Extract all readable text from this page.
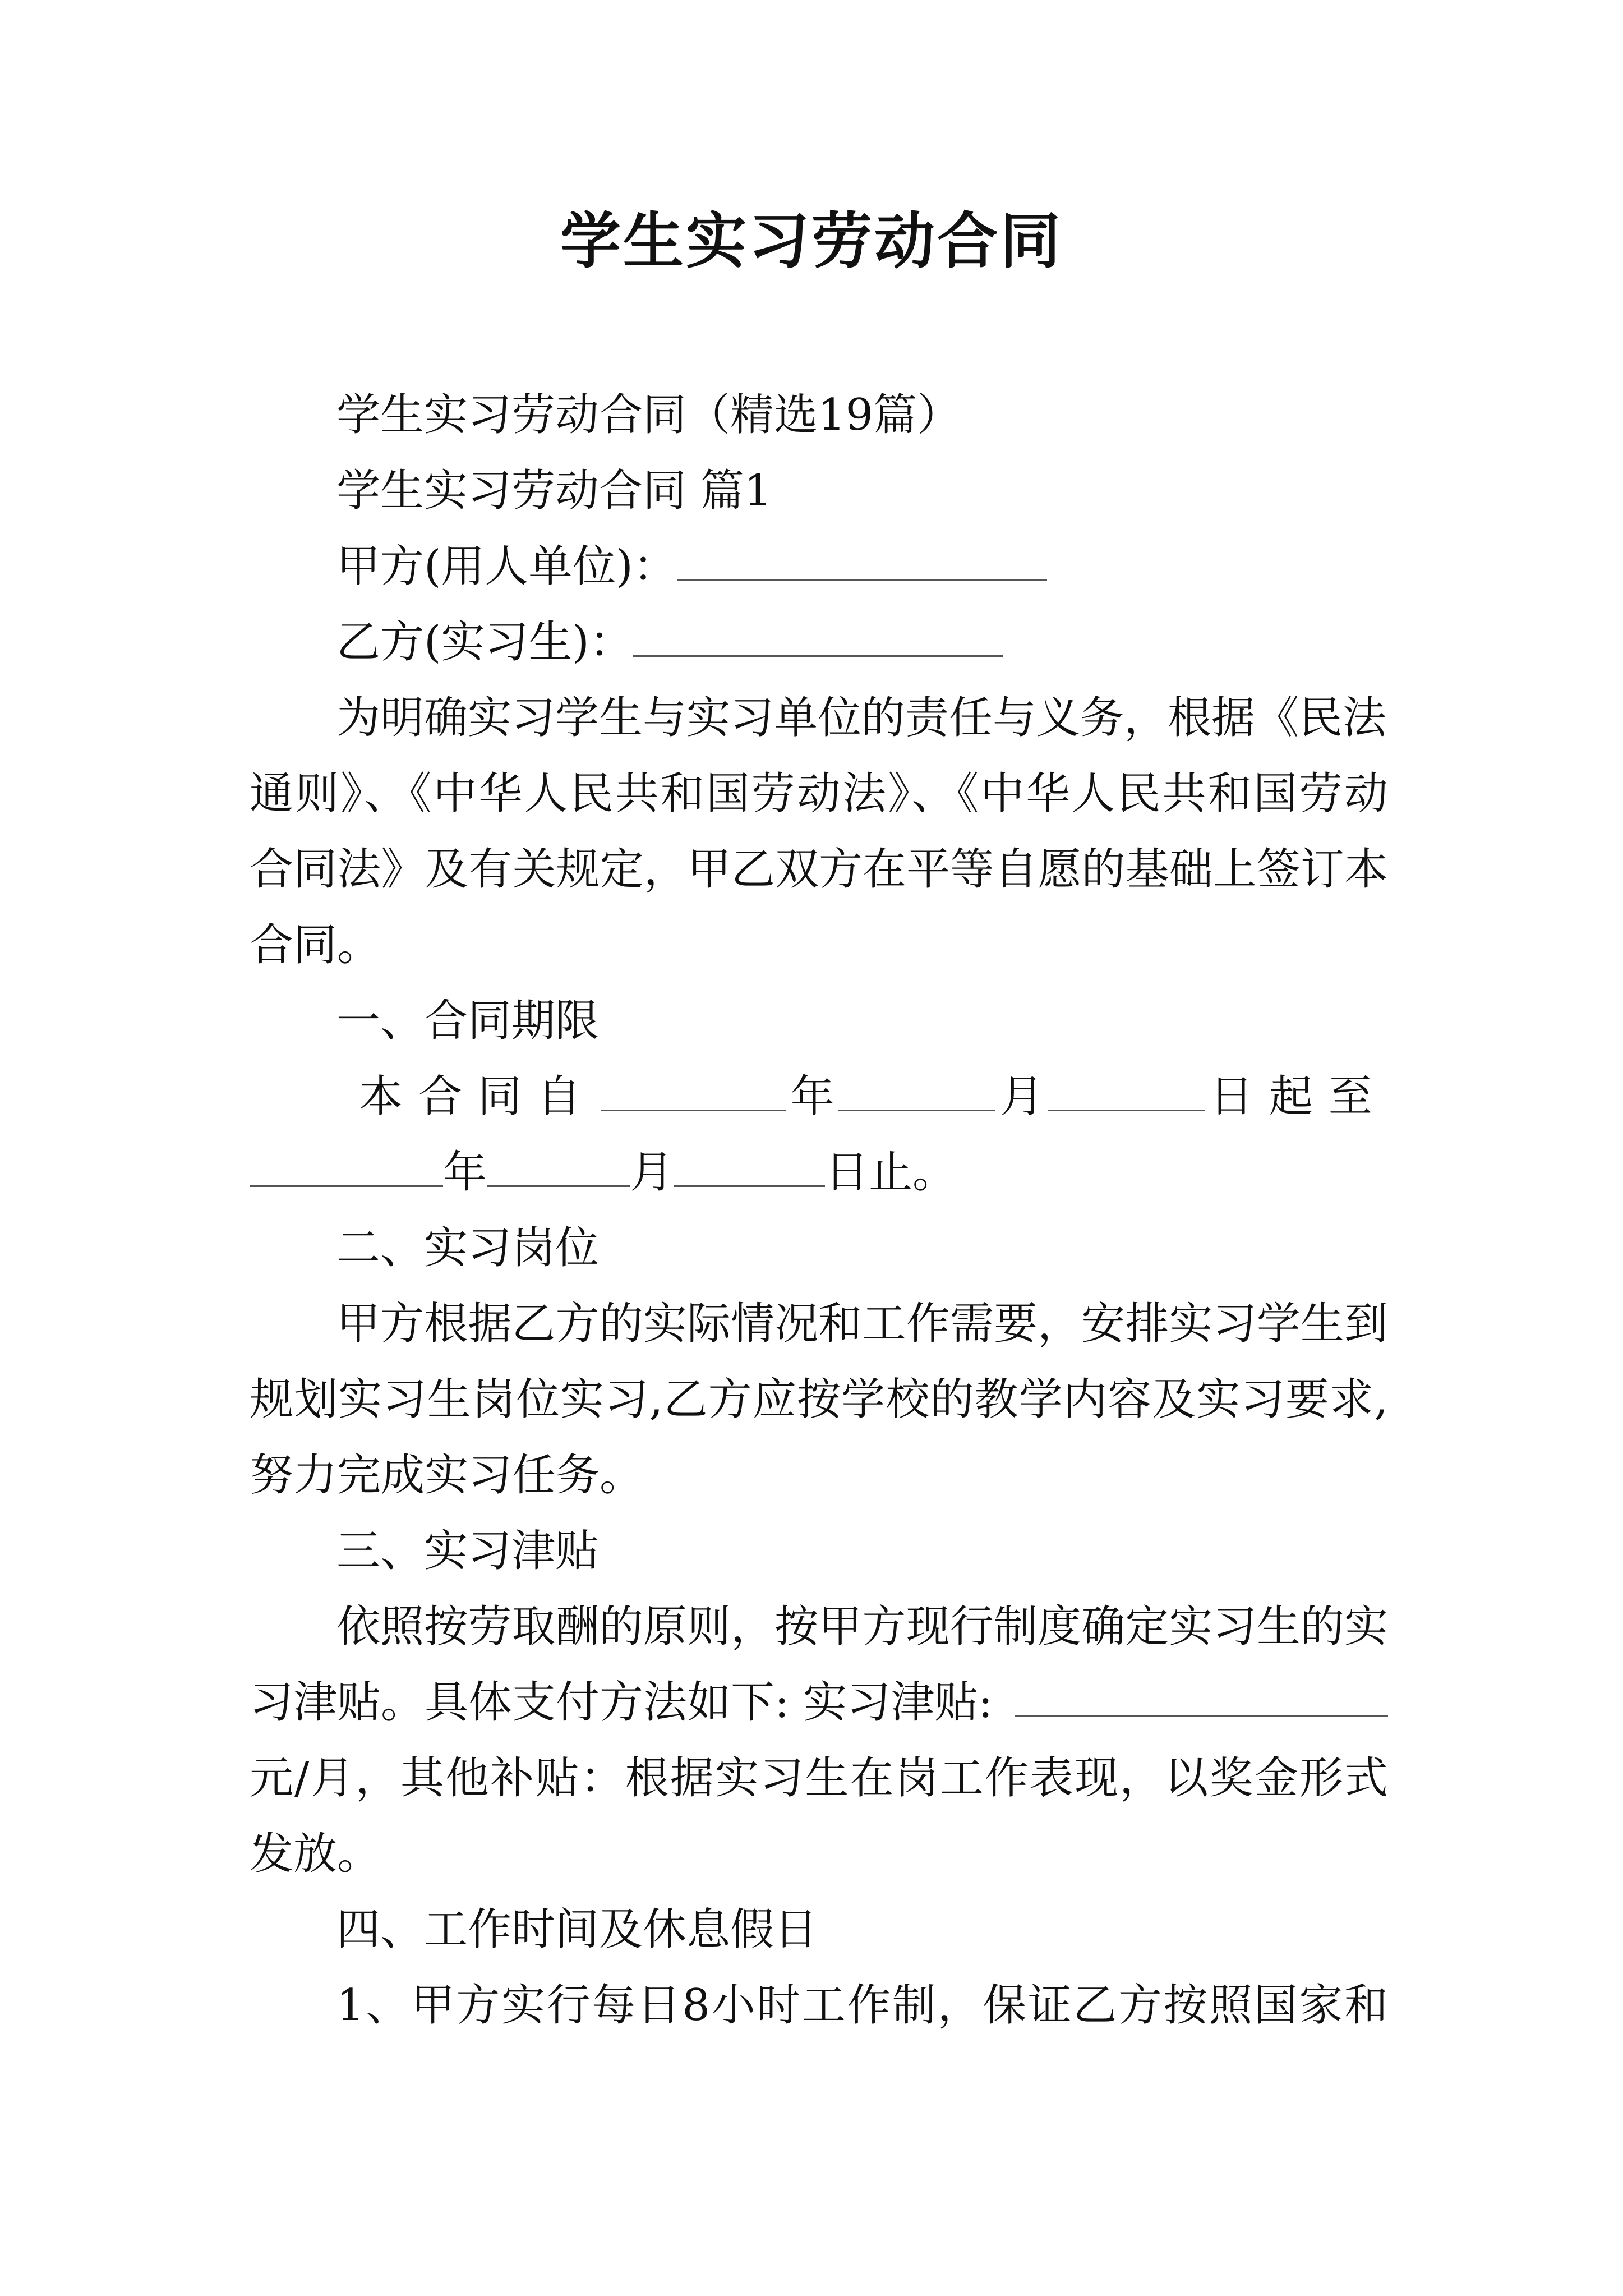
学生实习劳动合同
学生实习劳动合同（精选19篇）
学生实习劳动合同 篇1
甲方(用人单位)：
乙方(实习生)：
为明确实习学生与实习单位的责任与义务，根据《民法
通则》、《中华人民共和国劳动法》、《中华人民共和国劳动
合同法》及有关规定，甲乙双方在平等自愿的基础上签订本
合同。
一、合同期限
本合同自	年	月	日起至
年	月	日止。
二、实习岗位
甲方根据乙方的实际情况和工作需要，安排实习学生到
规划实习生岗位实习,乙方应按学校的教学内容及实习要求,
努力完成实习任务。
三、实习津贴
依照按劳取酬的原则，按甲方现行制度确定实习生的实
习津贴。具体支付方法如下: 实习津贴:
元/月，其他补贴：根据实习生在岗工作表现，以奖金形式
发放。
四、工作时间及休息假日
1、甲方实行每日8小时工作制，保证乙方按照国家和
